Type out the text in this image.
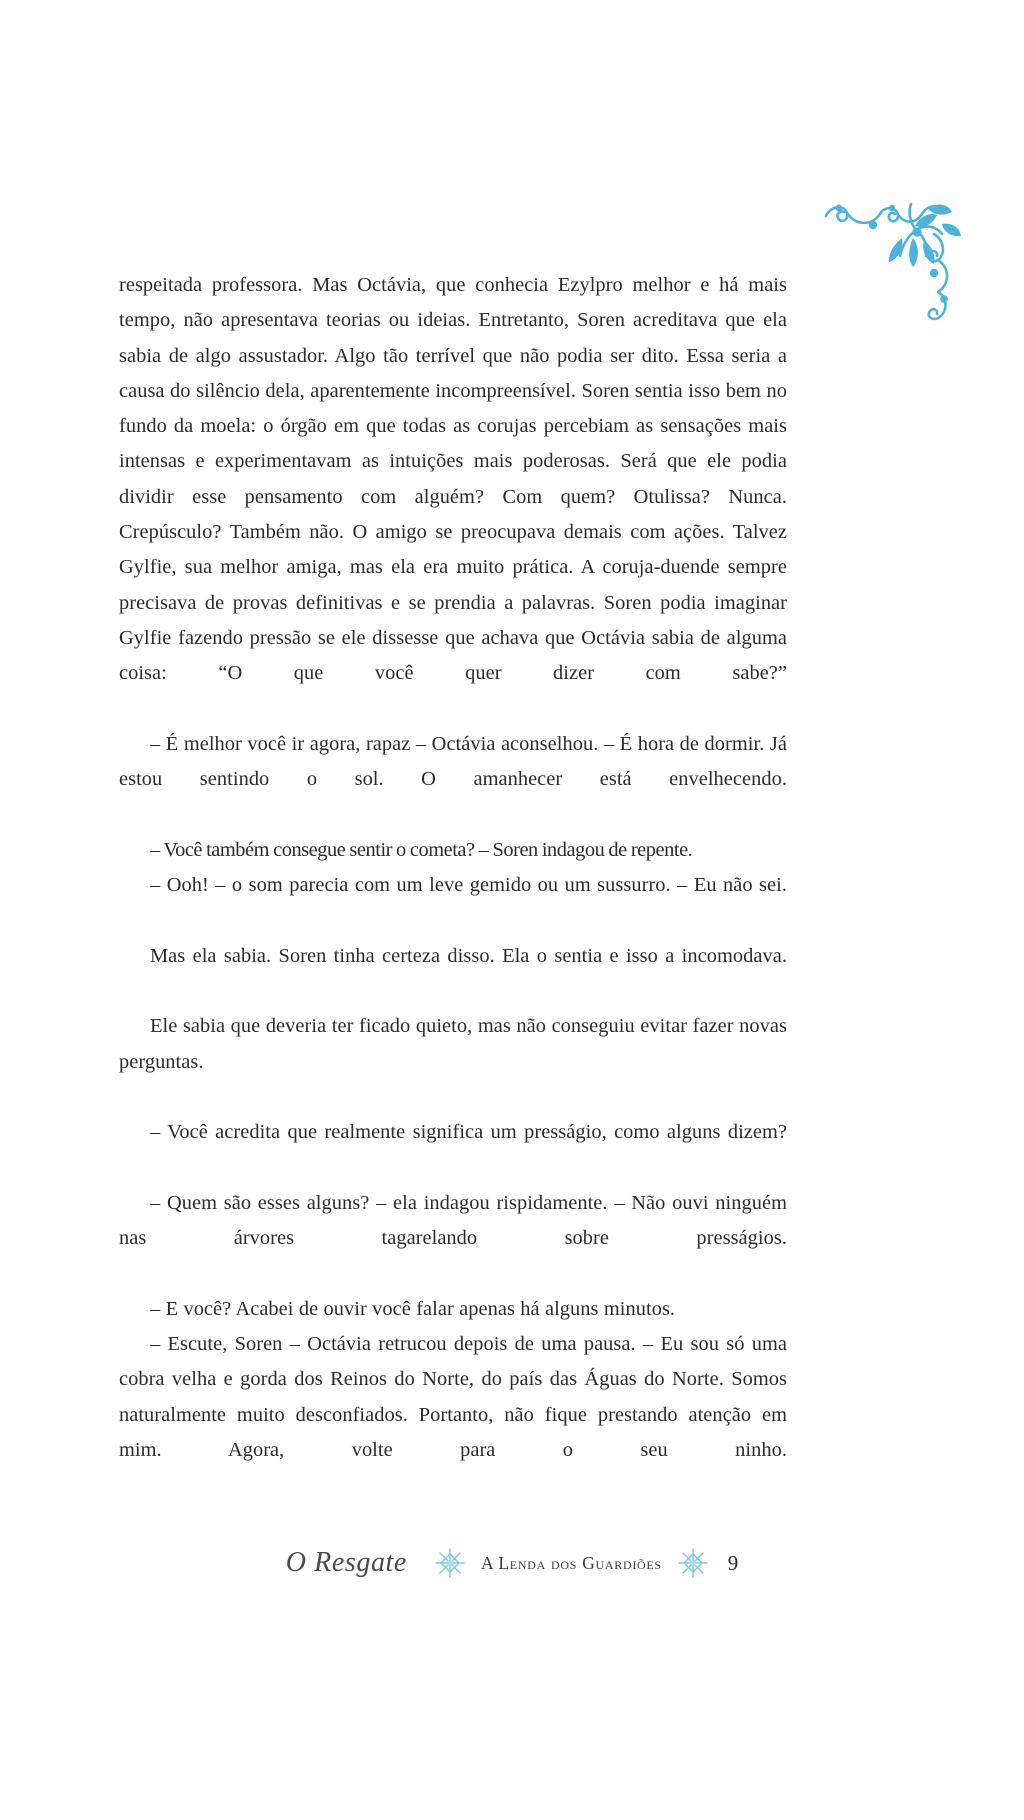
respeitada professora. Mas Octávia, que conhecia Ezylpro melhor e há mais tempo, não apresentava teorias ou ideias. Entretanto, Soren acreditava que ela sabia de algo assustador. Algo tão terrível que não podia ser dito. Essa seria a causa do silêncio dela, aparentemente incompreensível. Soren sentia isso bem no fundo da moela: o órgão em que todas as corujas percebiam as sensações mais intensas e experimentavam as intuições mais poderosas. Será que ele podia dividir esse pensamento com alguém? Com quem? Otulissa? Nunca. Crepúsculo? Também não. O amigo se preocupava demais com ações. Talvez Gylfie, sua melhor amiga, mas ela era muito prática. A coruja-duende sempre precisava de provas definitivas e se prendia a palavras. Soren podia imaginar Gylfie fazendo pressão se ele dissesse que achava que Octávia sabia de alguma coisa: “O que você quer dizer com sabe?”

– É melhor você ir agora, rapaz – Octávia aconselhou. – É hora de dormir. Já estou sentindo o sol. O amanhecer está envelhecendo.

– Você também consegue sentir o cometa? – Soren indagou de repente.

– Ooh! – o som parecia com um leve gemido ou um sussurro. – Eu não sei.

Mas ela sabia. Soren tinha certeza disso. Ela o sentia e isso a incomodava.

Ele sabia que deveria ter ficado quieto, mas não conseguiu evitar fazer novas perguntas.

– Você acredita que realmente significa um presságio, como alguns dizem?

– Quem são esses alguns? – ela indagou rispidamente. – Não ouvi ninguém nas árvores tagarelando sobre presságios.

– E você? Acabei de ouvir você falar apenas há alguns minutos.

– Escute, Soren – Octávia retrucou depois de uma pausa. – Eu sou só uma cobra velha e gorda dos Reinos do Norte, do país das Águas do Norte. Somos naturalmente muito desconfiados. Portanto, não fique prestando atenção em mim. Agora, volte para o seu ninho.

O Resgate	A Lenda dos Guardiões	9
